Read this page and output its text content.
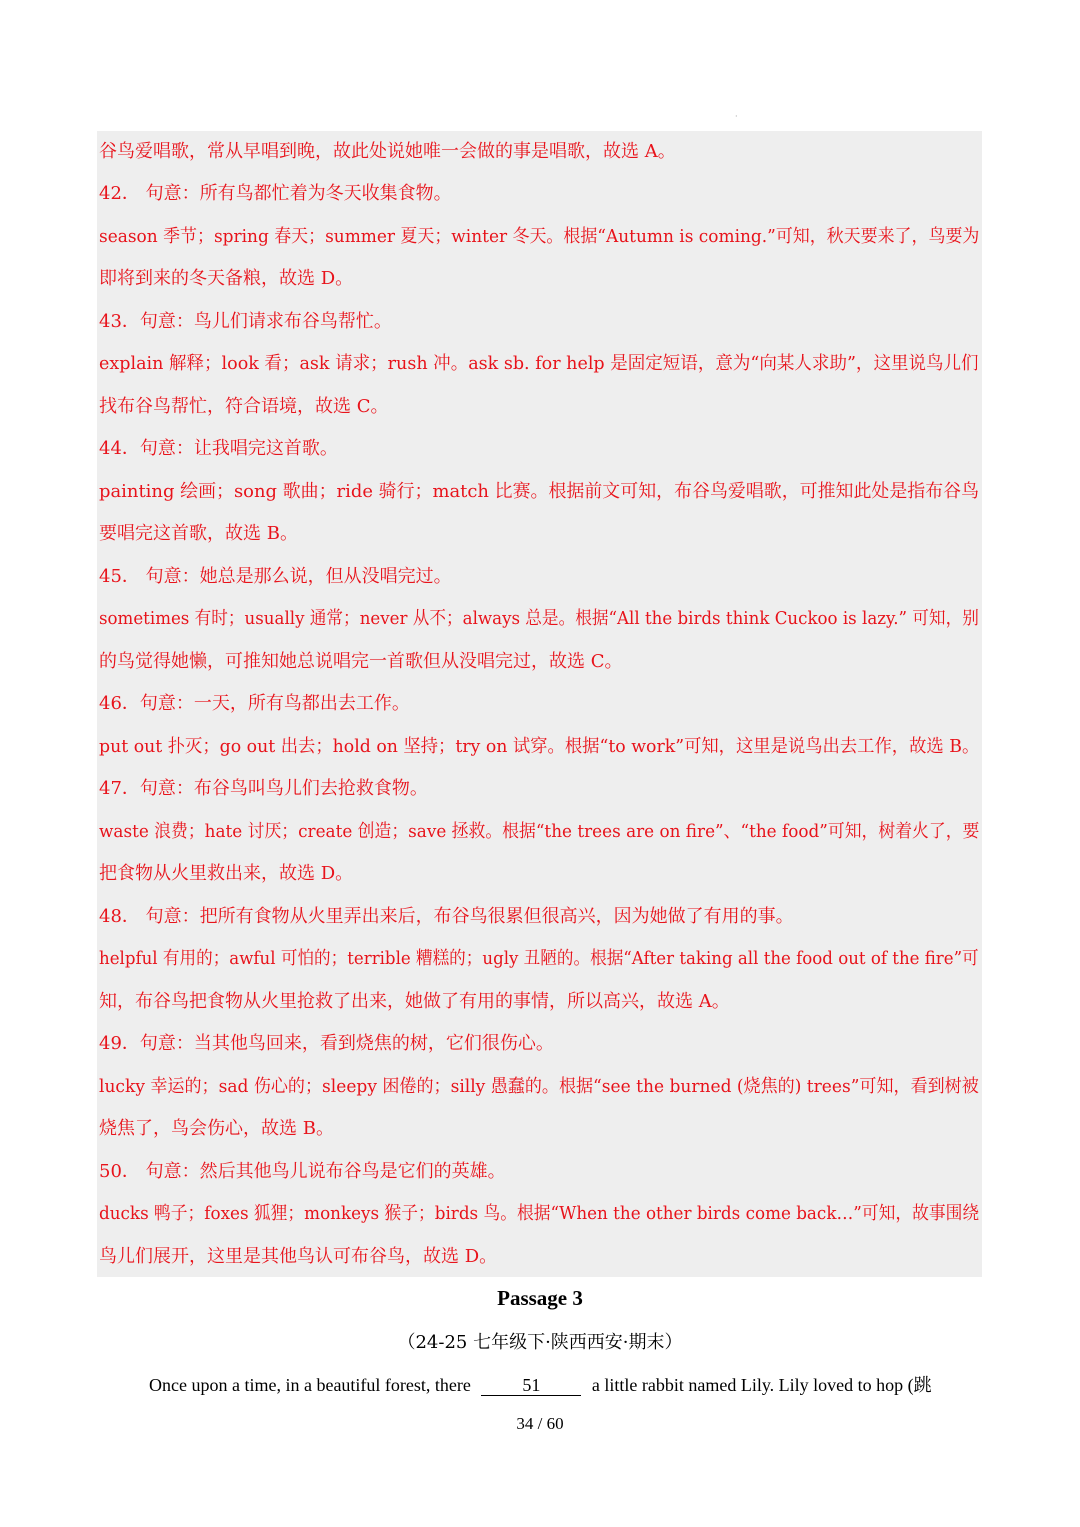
·
谷鸟爱唱歌，常从早唱到晚，故此处说她唯一会做的事是唱歌，故选 A。
42． 句意：所有鸟都忙着为冬天收集食物。
season 季节；spring 春天；summer 夏天；winter 冬天。根据“Autumn is coming.”可知，秋天要来了，鸟要为
即将到来的冬天备粮，故选 D。
43．句意：鸟儿们请求布谷鸟帮忙。
explain 解释；look 看；ask 请求；rush 冲。ask sb. for help 是固定短语，意为“向某人求助”，这里说鸟儿们
找布谷鸟帮忙，符合语境，故选 C。
44．句意：让我唱完这首歌。
painting 绘画；song 歌曲；ride 骑行；match 比赛。根据前文可知，布谷鸟爱唱歌，可推知此处是指布谷鸟
要唱完这首歌，故选 B。
45． 句意：她总是那么说，但从没唱完过。
sometimes 有时；usually 通常；never 从不；always 总是。根据“All the birds think Cuckoo is lazy.” 可知，别
的鸟觉得她懒，可推知她总说唱完一首歌但从没唱完过，故选 C。
46．句意：一天，所有鸟都出去工作。
put out 扑灭；go out 出去；hold on 坚持；try on 试穿。根据“to work”可知，这里是说鸟出去工作，故选 B。
47．句意：布谷鸟叫鸟儿们去抢救食物。
waste 浪费；hate 讨厌；create 创造；save 拯救。根据“the trees are on fire”、“the food”可知，树着火了，要
把食物从火里救出来，故选 D。
48． 句意：把所有食物从火里弄出来后，布谷鸟很累但很高兴，因为她做了有用的事。
helpful 有用的；awful 可怕的；terrible 糟糕的；ugly 丑陋的。根据“After taking all the food out of the fire”可
知，布谷鸟把食物从火里抢救了出来，她做了有用的事情，所以高兴，故选 A。
49．句意：当其他鸟回来，看到烧焦的树，它们很伤心。
lucky 幸运的；sad 伤心的；sleepy 困倦的；silly 愚蠢的。根据“see the burned (烧焦的) trees”可知，看到树被
烧焦了，鸟会伤心，故选 B。
50． 句意：然后其他鸟儿说布谷鸟是它们的英雄。
ducks 鸭子；foxes 狐狸；monkeys 猴子；birds 鸟。根据“When the other birds come back…”可知，故事围绕
鸟儿们展开，这里是其他鸟认可布谷鸟，故选 D。
Passage 3
（24-25 七年级下·陕西西安·期末）
Once upon a time, in a beautiful forest, there	51	a little rabbit named Lily. Lily loved to hop (跳
34 / 60
